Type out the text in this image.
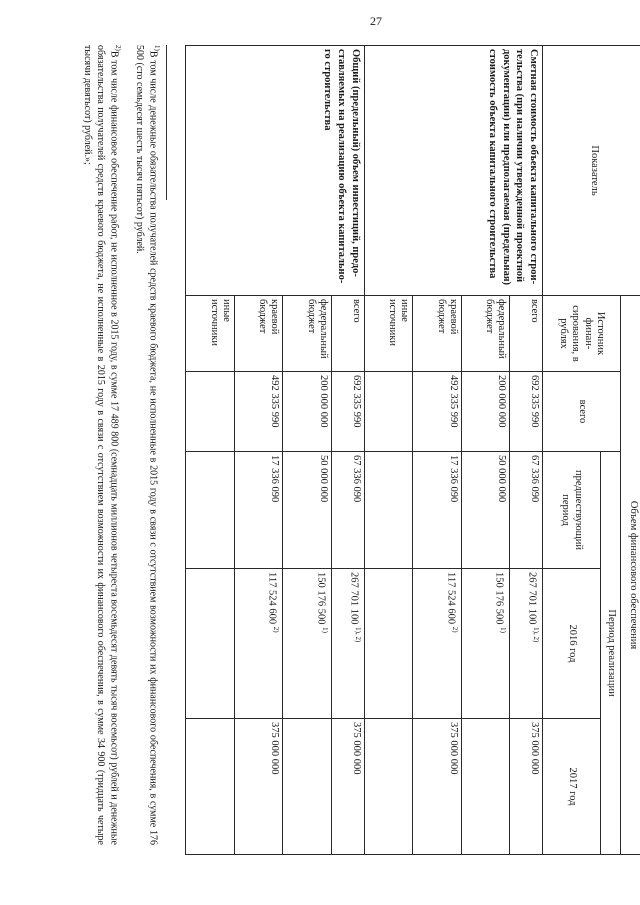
27
Показатель	Объем финансового обеспечения				
	Источник финан-сирования, в рублях	всего	Период реализации		
			предшествующий период	2016 год	2017 год
Сметная стоимость объекта капитального строи-тельства (при наличии утвержденной проектной документации) или предполагаемая (предельная) стоимость объекта капитального строительства	всего	692 335 990	67 336 090	267 701 100 $^{1), 2)}$	375 000 000
	федеральный бюджет	200 000 000	50 000 000	150 176 500 $^{1)}$	
	краевой бюджет	492 335 990	17 336 090	117 524 600 $^{2)}$	375 000 000
	иные источники				
Общий (предельный) объем инвестиций, предо-ставляемых на реализацию объекта капитально-го строительства	всего	692 335 990	67 336 090	267 701 100 $^{1), 2)}$	375 000 000
	федеральный бюджет	200 000 000	50 000 000	150 176 500 $^{1)}$	
	краевой бюджет	492 335 990	17 336 090	117 524 600 $^{2)}$	375 000 000
	иные источники				
$^{1)}$В том числе денежные обязательства получателей средств краевого бюджета, не исполненные в 2015 году в связи с отсутствием возможности их финансового обеспечения, в сумме 176 500 (сто семьдесят шесть тысяч пятьсот) рублей.
$^{2)}$В том числе финансовое обеспечение работ, не исполненное в 2015 году, в сумме 17 489 800 (семнадцать миллионов четыреста восемьдесят девять тысяч восемьсот) рублей и денежные обязательства получателей средств краевого бюджета, не исполненные в 2015 году в связи с отсутствием возможности их финансового обеспечения, в сумме 34 900 (тридцать четыре тысячи девятьсот) рублей.»;
